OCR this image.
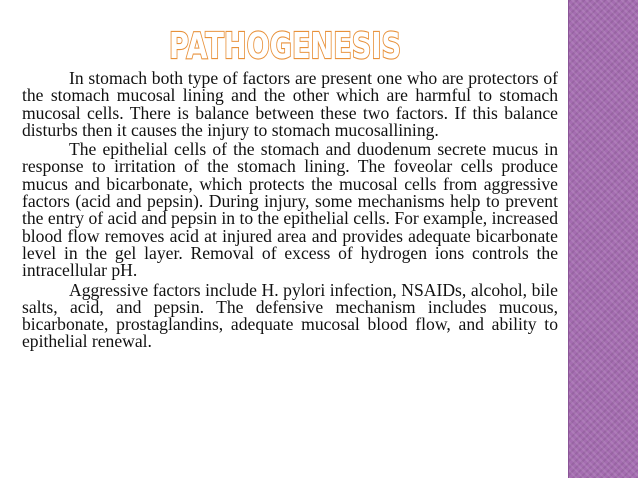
PATHOGENESIS

In stomach both type of factors are present one who are protectors of the stomach mucosal lining and the other which are harmful to stomach mucosal cells. There is balance between these two factors. If this balance disturbs then it causes the injury to stomach mucosallining.

The epithelial cells of the stomach and duodenum secrete mucus in response to irritation of the stomach lining. The foveolar cells produce mucus and bicarbonate, which protects the mucosal cells from aggressive factors (acid and pepsin). During injury, some mechanisms help to prevent the entry of acid and pepsin in to the epithelial cells. For example, increased blood flow removes acid at injured area and provides adequate bicarbonate level in the gel layer. Removal of excess of hydrogen ions controls the intracellular pH.

Aggressive factors include H. pylori infection, NSAIDs, alcohol, bile salts, acid, and pepsin. The defensive mechanism includes mucous, bicarbonate, prostaglandins, adequate mucosal blood flow, and ability to epithelial renewal.
